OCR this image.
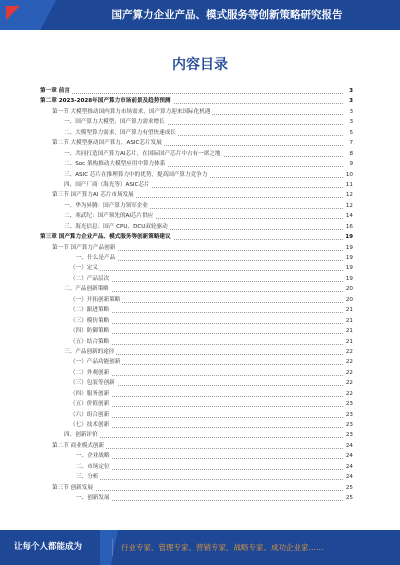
国产算力企业产品、模式服务等创新策略研究报告
内容目录
第一章 前言	3
第二章 2023-2028年国产算力市场前景及趋势预测	3
第一节 大模型推动国内算力市场需求，国产算力迎来国际化机遇	3
一、国产算力大模型，国产算力需求增长	3
二、大模型算力需求，国产算力有望快速成长	5
第二节 大模型驱动国产算力，ASIC芯片发展	7
一、共同打造国产算力AI芯片，在国际国产芯片中占有一席之地	8
二、Soc 架构推动大模型应用中算力体系	9
三、ASIC 芯片在推理算力中的优势，提高国产算力竞争力	10
四、国产厂商（海光等）ASIC芯片	11
第三节 国产算力AI 芯片市场发展	12
一、华为昇腾：国产算力领军企业	12
二、寒武纪：国产领先的AI芯片供应	14
三、海光信息：国产 CPU、DCU双轮驱动	16
第三章 国产算力企业产品、模式服务等创新策略建议	19
第一节 国产算力产品创新	19
一、什么是产品	19
（一）定义	19
（二）产品层次	19
二、产品创新策略	20
（一）开拓创新策略	20
（二）跟进策略	21
（三）模仿策略	21
（四）防御策略	21
（五）结合策略	21
三、产品创新的途径	22
（一）产品功能创新	22
（二）外观创新	22
（三）包装等创新	22
（四）服务创新	22
（五）价值创新	23
（六）组合创新	23
（七）技术创新	23
四、创新评价	23
第二节 商业模式创新	24
一、企业战略	24
二、市场定位	24
三、分析	24
第三节 创新发展	25
一、创新发展	25
让每个人都能成为	行业专家、管理专家、营销专家、战略专家、成功企业家……
